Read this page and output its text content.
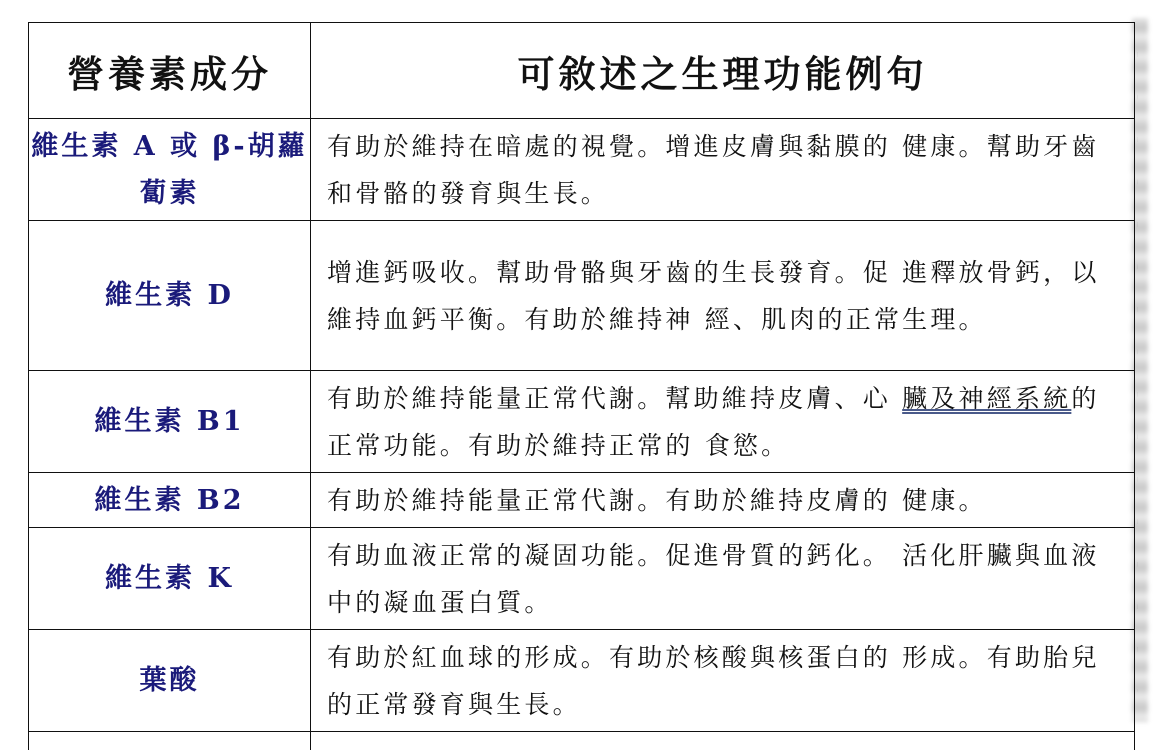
營養素成分	可敘述之生理功能例句
維生素 A 或 β-胡蘿蔔素	有助於維持在暗處的視覺。增進皮膚與黏膜的 健康。幫助牙齒和骨骼的發育與生長。
維生素 D	增進鈣吸收。幫助骨骼與牙齒的生長發育。促 進釋放骨鈣，以維持血鈣平衡。有助於維持神 經、肌肉的正常生理。
維生素 B1	有助於維持能量正常代謝。幫助維持皮膚、心 臟及神經系統的正常功能。有助於維持正常的 食慾。
維生素 B2	有助於維持能量正常代謝。有助於維持皮膚的 健康。
維生素 K	有助血液正常的凝固功能。促進骨質的鈣化。 活化肝臟與血液中的凝血蛋白質。
葉酸	有助於紅血球的形成。有助於核酸與核蛋白的 形成。有助胎兒的正常發育與生長。
